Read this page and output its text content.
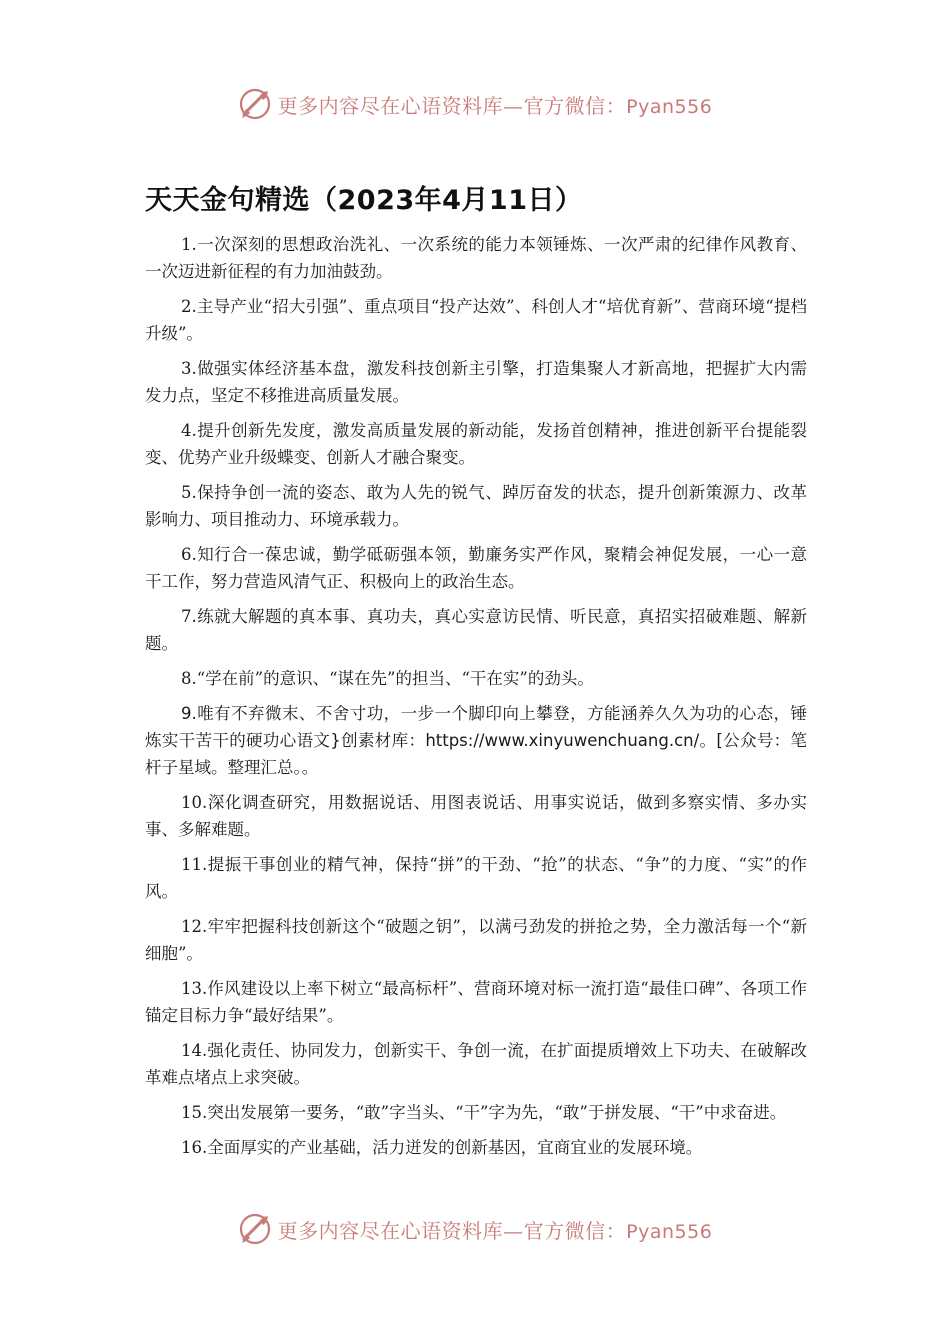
更多内容尽在心语资料库—官方微信：Pyan556
天天金句精选（2023年4月11日）

1.一次深刻的思想政治洗礼、一次系统的能力本领锤炼、一次严肃的纪律作风教育、一次迈进新征程的有力加油鼓劲。

2.主导产业“招大引强”、重点项目“投产达效”、科创人才“培优育新”、营商环境“提档升级”。

3.做强实体经济基本盘，激发科技创新主引擎，打造集聚人才新高地，把握扩大内需发力点，坚定不移推进高质量发展。

4.提升创新先发度，激发高质量发展的新动能，发扬首创精神，推进创新平台提能裂变、优势产业升级蝶变、创新人才融合聚变。

5.保持争创一流的姿态、敢为人先的锐气、踔厉奋发的状态，提升创新策源力、改革影响力、项目推动力、环境承载力。

6.知行合一葆忠诚，勤学砥砺强本领，勤廉务实严作风，聚精会神促发展，一心一意干工作，努力营造风清气正、积极向上的政治生态。

7.练就大解题的真本事、真功夫，真心实意访民情、听民意，真招实招破难题、解新题。

8.“学在前”的意识、“谋在先”的担当、“干在实”的劲头。

9.唯有不弃微末、不舍寸功，一步一个脚印向上攀登，方能涵养久久为功的心态，锤炼实干苦干的硬功心语文}创素材库：https://www.xinyuwenchuang.cn/。[公众号：笔杆子星域。整理汇总。。

10.深化调查研究，用数据说话、用图表说话、用事实说话，做到多察实情、多办实事、多解难题。

11.提振干事创业的精气神，保持“拼”的干劲、“抢”的状态、“争”的力度、“实”的作风。

12.牢牢把握科技创新这个“破题之钥”，以满弓劲发的拼抢之势，全力激活每一个“新细胞”。

13.作风建设以上率下树立“最高标杆”、营商环境对标一流打造“最佳口碑”、各项工作锚定目标力争“最好结果”。

14.强化责任、协同发力，创新实干、争创一流，在扩面提质增效上下功夫、在破解改革难点堵点上求突破。

15.突出发展第一要务，“敢”字当头、“干”字为先，“敢”于拼发展、“干”中求奋进。

16.全面厚实的产业基础，活力迸发的创新基因，宜商宜业的发展环境。

更多内容尽在心语资料库—官方微信：Pyan556
